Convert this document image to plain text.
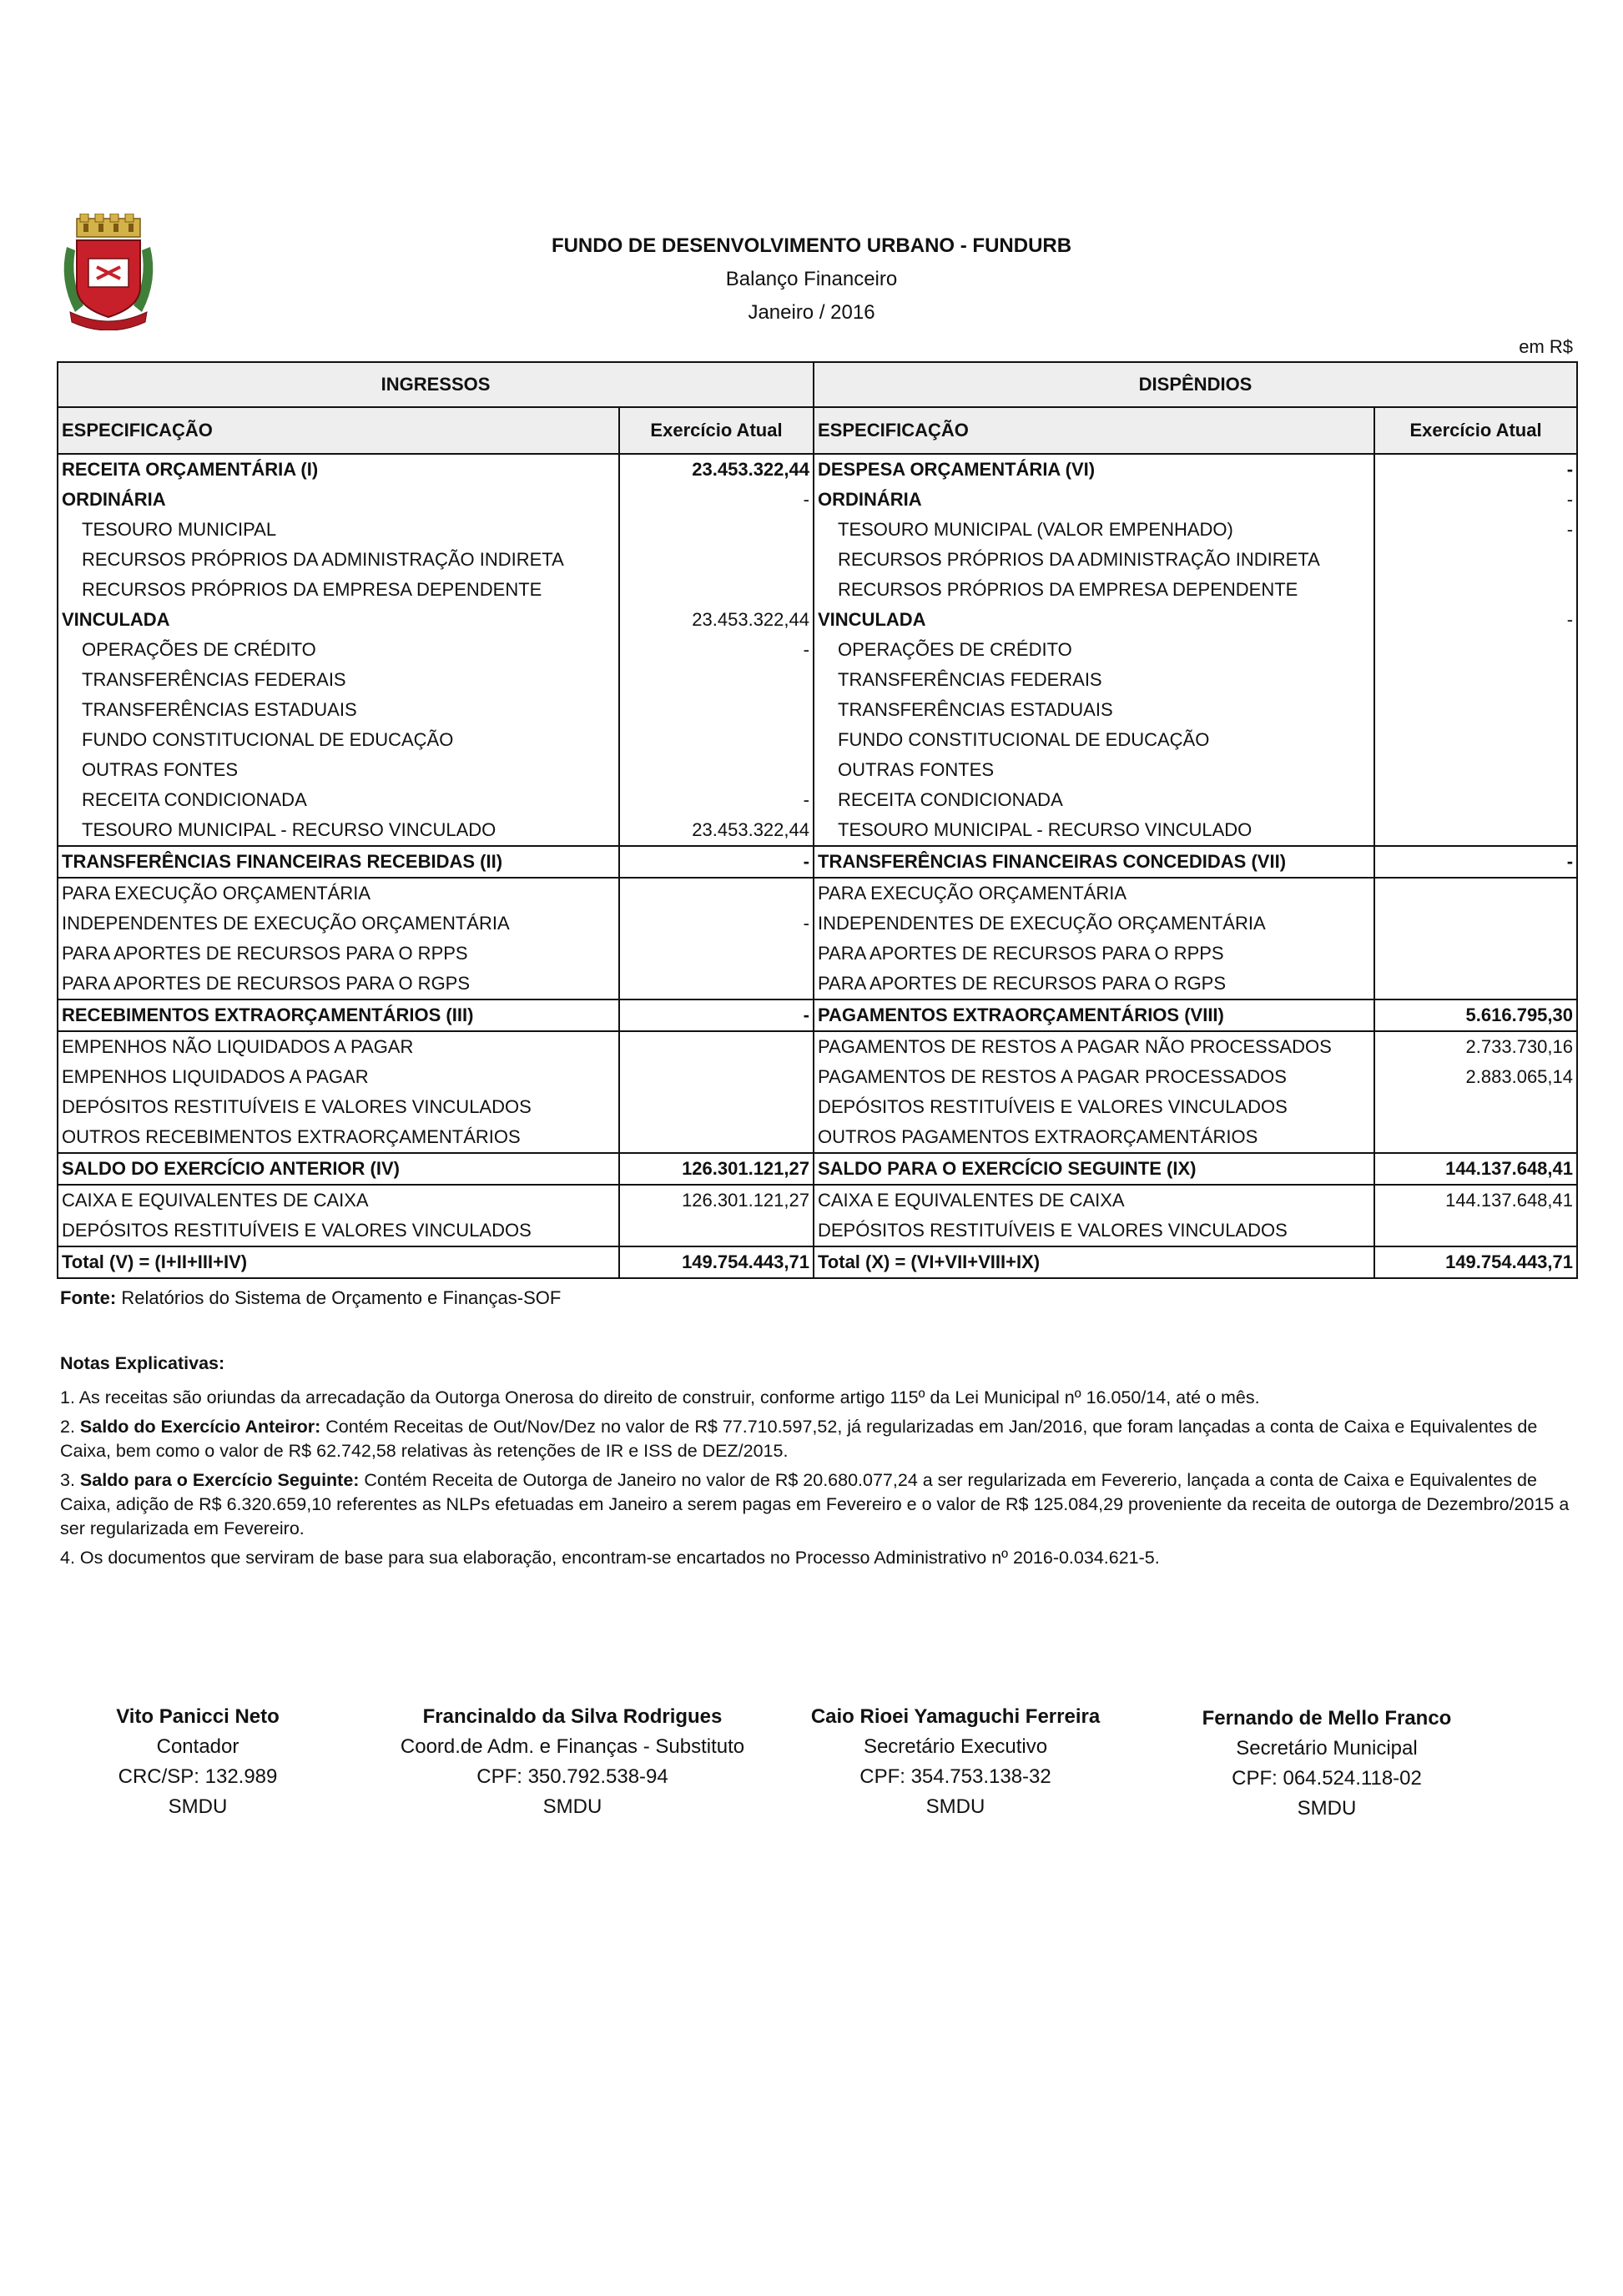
FUNDO DE DESENVOLVIMENTO URBANO - FUNDURB
Balanço Financeiro
Janeiro / 2016
em R$
INGRESSOS		DISPÊNDIOS	
ESPECIFICAÇÃO	Exercício Atual	ESPECIFICAÇÃO	Exercício Atual
RECEITA ORÇAMENTÁRIA (I)	23.453.322,44	DESPESA ORÇAMENTÁRIA (VI)	-
ORDINÁRIA	-	ORDINÁRIA	-
TESOURO MUNICIPAL		TESOURO MUNICIPAL (VALOR EMPENHADO)	-
RECURSOS PRÓPRIOS DA ADMINISTRAÇÃO INDIRETA		RECURSOS PRÓPRIOS DA ADMINISTRAÇÃO INDIRETA	
RECURSOS PRÓPRIOS DA EMPRESA DEPENDENTE		RECURSOS PRÓPRIOS DA EMPRESA DEPENDENTE	
VINCULADA	23.453.322,44	VINCULADA	-
OPERAÇÕES DE CRÉDITO	-	OPERAÇÕES DE CRÉDITO	
TRANSFERÊNCIAS FEDERAIS		TRANSFERÊNCIAS FEDERAIS	
TRANSFERÊNCIAS ESTADUAIS		TRANSFERÊNCIAS ESTADUAIS	
FUNDO CONSTITUCIONAL DE EDUCAÇÃO		FUNDO CONSTITUCIONAL DE EDUCAÇÃO	
OUTRAS FONTES		OUTRAS FONTES	
RECEITA CONDICIONADA	-	RECEITA CONDICIONADA	
TESOURO MUNICIPAL - RECURSO VINCULADO	23.453.322,44	TESOURO MUNICIPAL - RECURSO VINCULADO	
TRANSFERÊNCIAS FINANCEIRAS RECEBIDAS (II)	-	TRANSFERÊNCIAS FINANCEIRAS CONCEDIDAS (VII)	-
PARA EXECUÇÃO ORÇAMENTÁRIA		PARA EXECUÇÃO ORÇAMENTÁRIA	
INDEPENDENTES DE EXECUÇÃO ORÇAMENTÁRIA	-	INDEPENDENTES DE EXECUÇÃO ORÇAMENTÁRIA	
PARA APORTES DE RECURSOS PARA O RPPS		PARA APORTES DE RECURSOS PARA O RPPS	
PARA APORTES DE RECURSOS PARA O RGPS		PARA APORTES DE RECURSOS PARA O RGPS	
RECEBIMENTOS EXTRAORÇAMENTÁRIOS (III)	-	PAGAMENTOS EXTRAORÇAMENTÁRIOS (VIII)	5.616.795,30
EMPENHOS NÃO LIQUIDADOS A PAGAR		PAGAMENTOS DE RESTOS A PAGAR NÃO PROCESSADOS	2.733.730,16
EMPENHOS LIQUIDADOS A PAGAR		PAGAMENTOS DE RESTOS A PAGAR PROCESSADOS	2.883.065,14
DEPÓSITOS RESTITUÍVEIS E VALORES VINCULADOS		DEPÓSITOS RESTITUÍVEIS E VALORES VINCULADOS	
OUTROS RECEBIMENTOS EXTRAORÇAMENTÁRIOS		OUTROS PAGAMENTOS EXTRAORÇAMENTÁRIOS	
SALDO DO EXERCÍCIO ANTERIOR (IV)	126.301.121,27	SALDO PARA O EXERCÍCIO SEGUINTE (IX)	144.137.648,41
CAIXA E EQUIVALENTES DE CAIXA	126.301.121,27	CAIXA E EQUIVALENTES DE CAIXA	144.137.648,41
DEPÓSITOS RESTITUÍVEIS E VALORES VINCULADOS		DEPÓSITOS RESTITUÍVEIS E VALORES VINCULADOS	
Total (V) = (I+II+III+IV)	149.754.443,71	Total (X) = (VI+VII+VIII+IX)	149.754.443,71
Fonte: Relatórios do Sistema de Orçamento e Finanças-SOF
Notas Explicativas:

1. As receitas são oriundas da arrecadação da Outorga Onerosa do direito de construir, conforme artigo 115º da Lei Municipal nº 16.050/14, até o mês.

2. Saldo do Exercício Anteiror: Contém Receitas de Out/Nov/Dez no valor de R$ 77.710.597,52, já regularizadas em Jan/2016, que foram lançadas a conta de Caixa e Equivalentes de Caixa, bem como o valor de R$ 62.742,58 relativas às retenções de IR e ISS de DEZ/2015.

3. Saldo para o Exercício Seguinte: Contém Receita de Outorga de Janeiro no valor de R$ 20.680.077,24 a ser regularizada em Fevererio, lançada a conta de Caixa e Equivalentes de Caixa, adição de R$ 6.320.659,10 referentes as NLPs efetuadas em Janeiro a serem pagas em Fevereiro e o valor de R$ 125.084,29 proveniente da receita de outorga de Dezembro/2015 a ser regularizada em Fevereiro.

4. Os documentos que serviram de base para sua elaboração, encontram-se encartados no Processo Administrativo nº 2016-0.034.621-5.

Vito Panicci Neto
Contador
CRC/SP: 132.989
SMDU
Francinaldo da Silva Rodrigues
Coord.de Adm. e Finanças - Substituto
CPF: 350.792.538-94
SMDU
Caio Rioei Yamaguchi Ferreira
Secretário Executivo
CPF: 354.753.138-32
SMDU
Fernando de Mello Franco
Secretário Municipal
CPF: 064.524.118-02
SMDU
